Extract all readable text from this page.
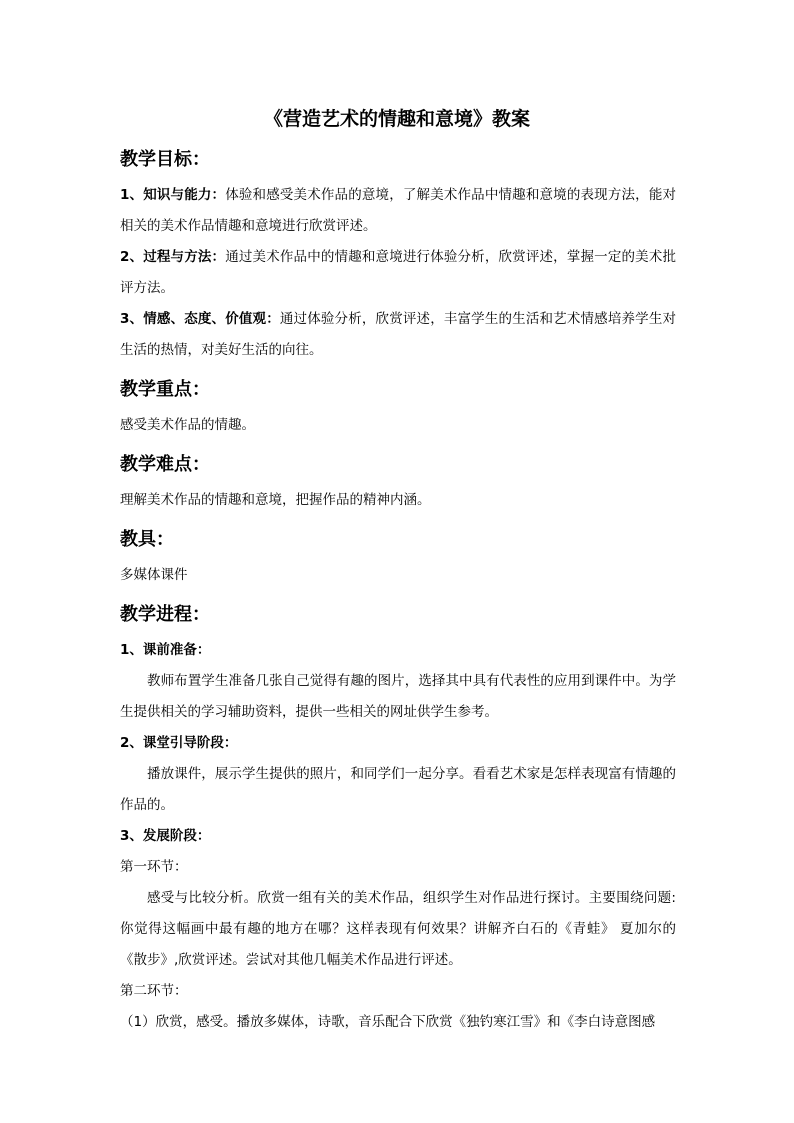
《营造艺术的情趣和意境》教案
教学目标：

1、知识与能力：体验和感受美术作品的意境，了解美术作品中情趣和意境的表现方法，能对相关的美术作品情趣和意境进行欣赏评述。

2、过程与方法：通过美术作品中的情趣和意境进行体验分析，欣赏评述，掌握一定的美术批评方法。

3、情感、态度、价值观：通过体验分析，欣赏评述，丰富学生的生活和艺术情感培养学生对生活的热情，对美好生活的向往。

教学重点：

感受美术作品的情趣。

教学难点：

理解美术作品的情趣和意境，把握作品的精神内涵。

教具：

多媒体课件

教学进程：

1、课前准备：

教师布置学生准备几张自己觉得有趣的图片，选择其中具有代表性的应用到课件中。为学生提供相关的学习辅助资料，提供一些相关的网址供学生参考。

2、课堂引导阶段：

播放课件，展示学生提供的照片，和同学们一起分享。看看艺术家是怎样表现富有情趣的作品的。

3、发展阶段：

第一环节：

感受与比较分析。欣赏一组有关的美术作品，组织学生对作品进行探讨。主要围绕问题:你觉得这幅画中最有趣的地方在哪？这样表现有何效果？讲解齐白石的《青蛙》 夏加尔的《散步》,欣赏评述。尝试对其他几幅美术作品进行评述。

第二环节：

（1）欣赏，感受。播放多媒体，诗歌，音乐配合下欣赏《独钓寒江雪》和《李白诗意图感
